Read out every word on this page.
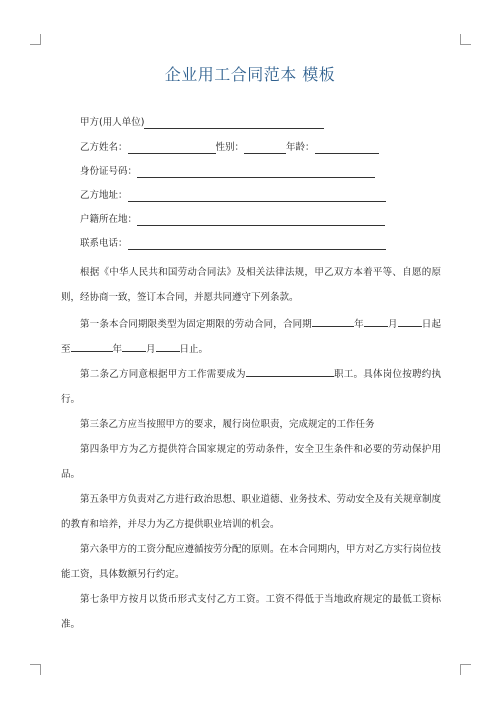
企业用工合同范本 模板
甲方(用人单位)
乙方姓名：	性别：	年龄：
身份证号码：
乙方地址：
户籍所在地：
联系电话：
根据《中华人民共和国劳动合同法》及相关法律法规，甲乙双方本着平等、自愿的原则，经协商一致，签订本合同，并愿共同遵守下列条款。
第一条本合同期限类型为固定期限的劳动合同，合同期	年	月	日起至	年	月	日止。
第二条乙方同意根据甲方工作需要成为	职工。具体岗位按聘约执行。
第三条乙方应当按照甲方的要求，履行岗位职责，完成规定的工作任务
第四条甲方为乙方提供符合国家规定的劳动条件，安全卫生条件和必要的劳动保护用品。
第五条甲方负责对乙方进行政治思想、职业道德、业务技术、劳动安全及有关规章制度的教育和培养，并尽力为乙方提供职业培训的机会。
第六条甲方的工资分配应遵循按劳分配的原则。在本合同期内，甲方对乙方实行岗位技能工资，具体数额另行约定。
第七条甲方按月以货币形式支付乙方工资。工资不得低于当地政府规定的最低工资标准。
